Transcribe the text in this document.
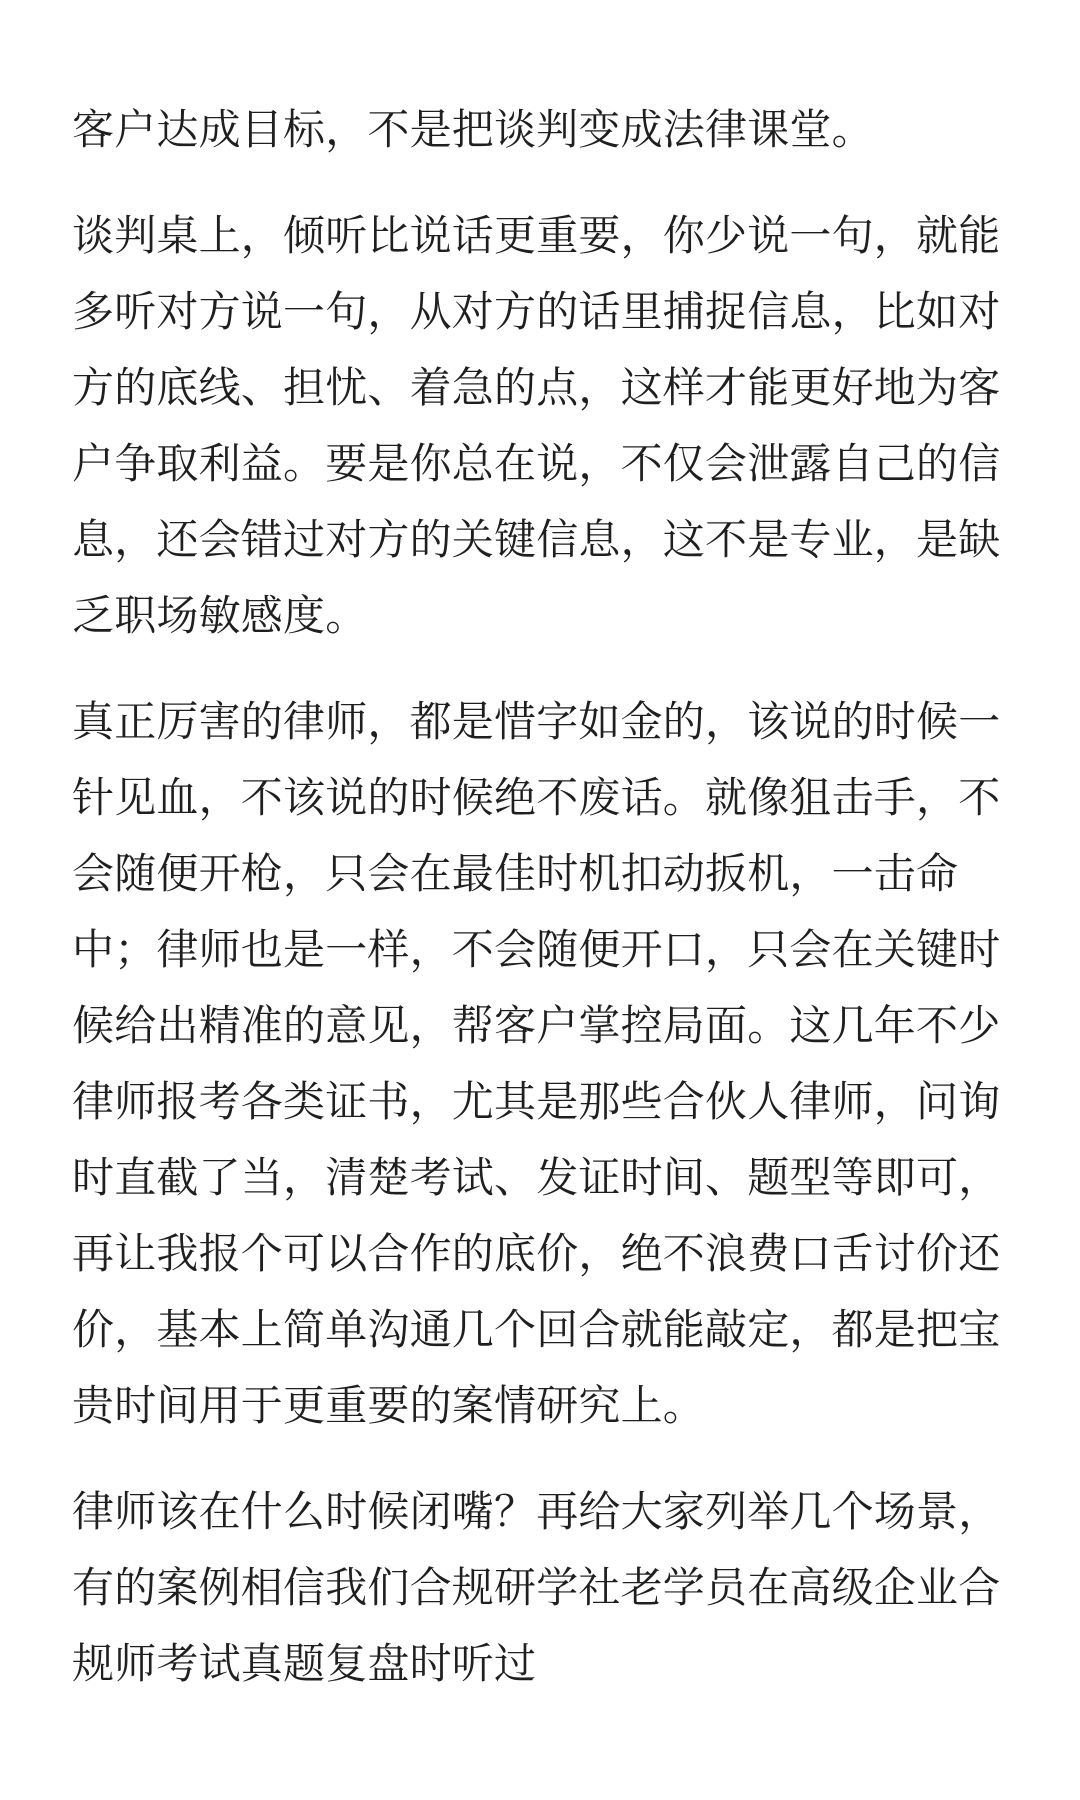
客户达成目标，不是把谈判变成法律课堂。

谈判桌上，倾听比说话更重要，你少说一句，就能
多听对方说一句，从对方的话里捕捉信息，比如对
方的底线、担忧、着急的点，这样才能更好地为客
户争取利益。要是你总在说，不仅会泄露自己的信
息，还会错过对方的关键信息，这不是专业，是缺
乏职场敏感度。

真正厉害的律师，都是惜字如金的，该说的时候一
针见血，不该说的时候绝不废话。就像狙击手，不
会随便开枪，只会在最佳时机扣动扳机，一击命
中；律师也是一样，不会随便开口，只会在关键时
候给出精准的意见，帮客户掌控局面。这几年不少
律师报考各类证书，尤其是那些合伙人律师，问询
时直截了当，清楚考试、发证时间、题型等即可，
再让我报个可以合作的底价，绝不浪费口舌讨价还
价，基本上简单沟通几个回合就能敲定，都是把宝
贵时间用于更重要的案情研究上。

律师该在什么时候闭嘴？再给大家列举几个场景，
有的案例相信我们合规研学社老学员在高级企业合
规师考试真题复盘时听过
